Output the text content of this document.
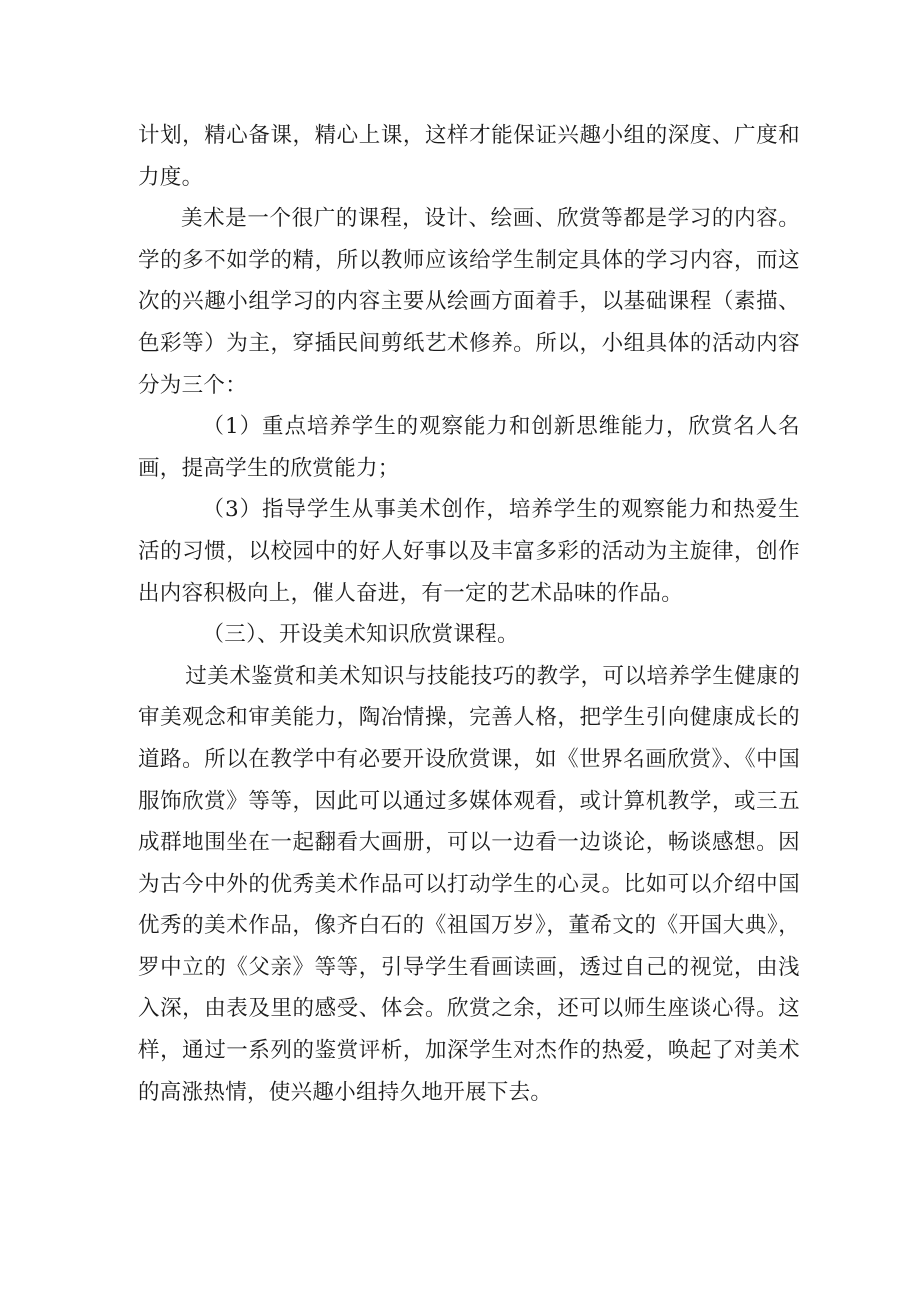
计划，精心备课，精心上课，这样才能保证兴趣小组的深度、广度和力度。

美术是一个很广的课程，设计、绘画、欣赏等都是学习的内容。学的多不如学的精，所以教师应该给学生制定具体的学习内容，而这次的兴趣小组学习的内容主要从绘画方面着手，以基础课程（素描、色彩等）为主，穿插民间剪纸艺术修养。所以，小组具体的活动内容分为三个：

（1）重点培养学生的观察能力和创新思维能力，欣赏名人名画，提高学生的欣赏能力；

（3）指导学生从事美术创作，培养学生的观察能力和热爱生活的习惯，以校园中的好人好事以及丰富多彩的活动为主旋律，创作出内容积极向上，催人奋进，有一定的艺术品味的作品。

（三）、开设美术知识欣赏课程。

过美术鉴赏和美术知识与技能技巧的教学，可以培养学生健康的审美观念和审美能力，陶冶情操，完善人格，把学生引向健康成长的道路。所以在教学中有必要开设欣赏课，如《世界名画欣赏》、《中国服饰欣赏》等等，因此可以通过多媒体观看，或计算机教学，或三五成群地围坐在一起翻看大画册，可以一边看一边谈论，畅谈感想。因为古今中外的优秀美术作品可以打动学生的心灵。比如可以介绍中国优秀的美术作品，像齐白石的《祖国万岁》，董希文的《开国大典》，罗中立的《父亲》等等，引导学生看画读画，透过自己的视觉，由浅入深，由表及里的感受、体会。欣赏之余，还可以师生座谈心得。这样，通过一系列的鉴赏评析，加深学生对杰作的热爱，唤起了对美术的高涨热情，使兴趣小组持久地开展下去。
